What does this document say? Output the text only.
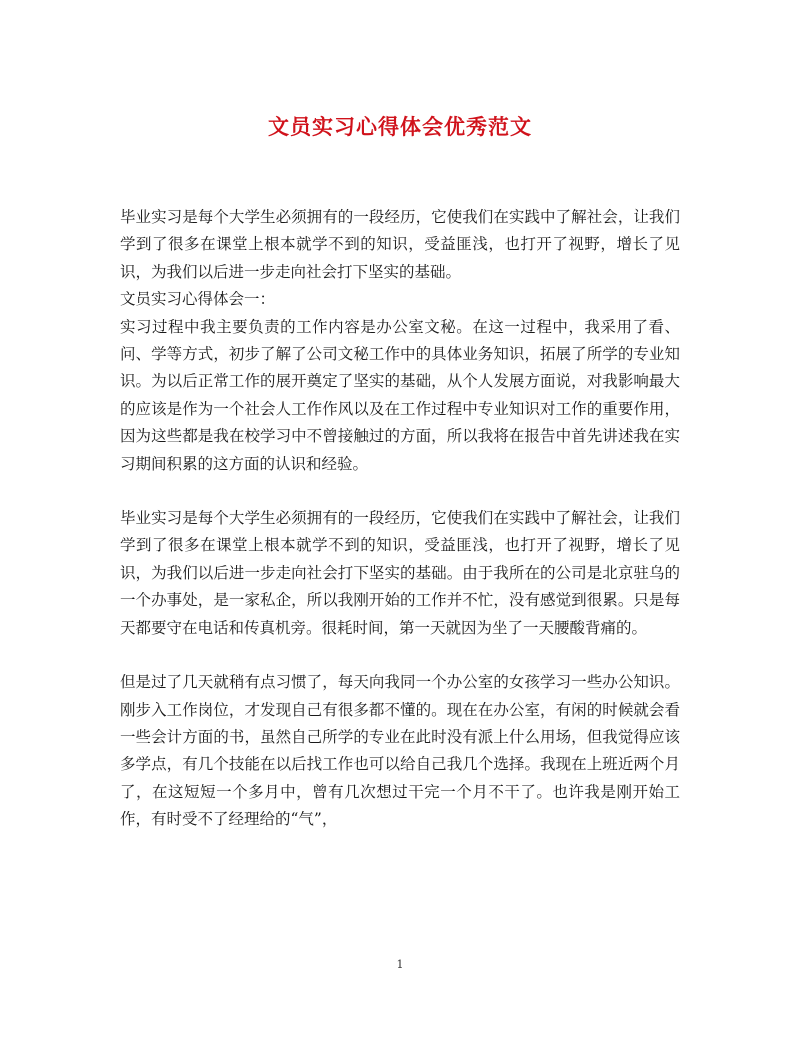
文员实习心得体会优秀范文

毕业实习是每个大学生必须拥有的一段经历，它使我们在实践中了解社会，让我们学到了很多在课堂上根本就学不到的知识，受益匪浅，也打开了视野，增长了见识，为我们以后进一步走向社会打下坚实的基础。

文员实习心得体会一：

实习过程中我主要负责的工作内容是办公室文秘。在这一过程中，我采用了看、问、学等方式，初步了解了公司文秘工作中的具体业务知识，拓展了所学的专业知识。为以后正常工作的展开奠定了坚实的基础，从个人发展方面说，对我影响最大的应该是作为一个社会人工作作风以及在工作过程中专业知识对工作的重要作用，因为这些都是我在校学习中不曾接触过的方面，所以我将在报告中首先讲述我在实习期间积累的这方面的认识和经验。

毕业实习是每个大学生必须拥有的一段经历，它使我们在实践中了解社会，让我们学到了很多在课堂上根本就学不到的知识，受益匪浅，也打开了视野，增长了见识，为我们以后进一步走向社会打下坚实的基础。由于我所在的公司是北京驻乌的一个办事处，是一家私企，所以我刚开始的工作并不忙，没有感觉到很累。只是每天都要守在电话和传真机旁。很耗时间，第一天就因为坐了一天腰酸背痛的。

但是过了几天就稍有点习惯了，每天向我同一个办公室的女孩学习一些办公知识。刚步入工作岗位，才发现自己有很多都不懂的。现在在办公室，有闲的时候就会看一些会计方面的书，虽然自己所学的专业在此时没有派上什么用场，但我觉得应该多学点，有几个技能在以后找工作也可以给自己我几个选择。我现在上班近两个月了，在这短短一个多月中，曾有几次想过干完一个月不干了。也许我是刚开始工作，有时受不了经理给的“气”，

1
